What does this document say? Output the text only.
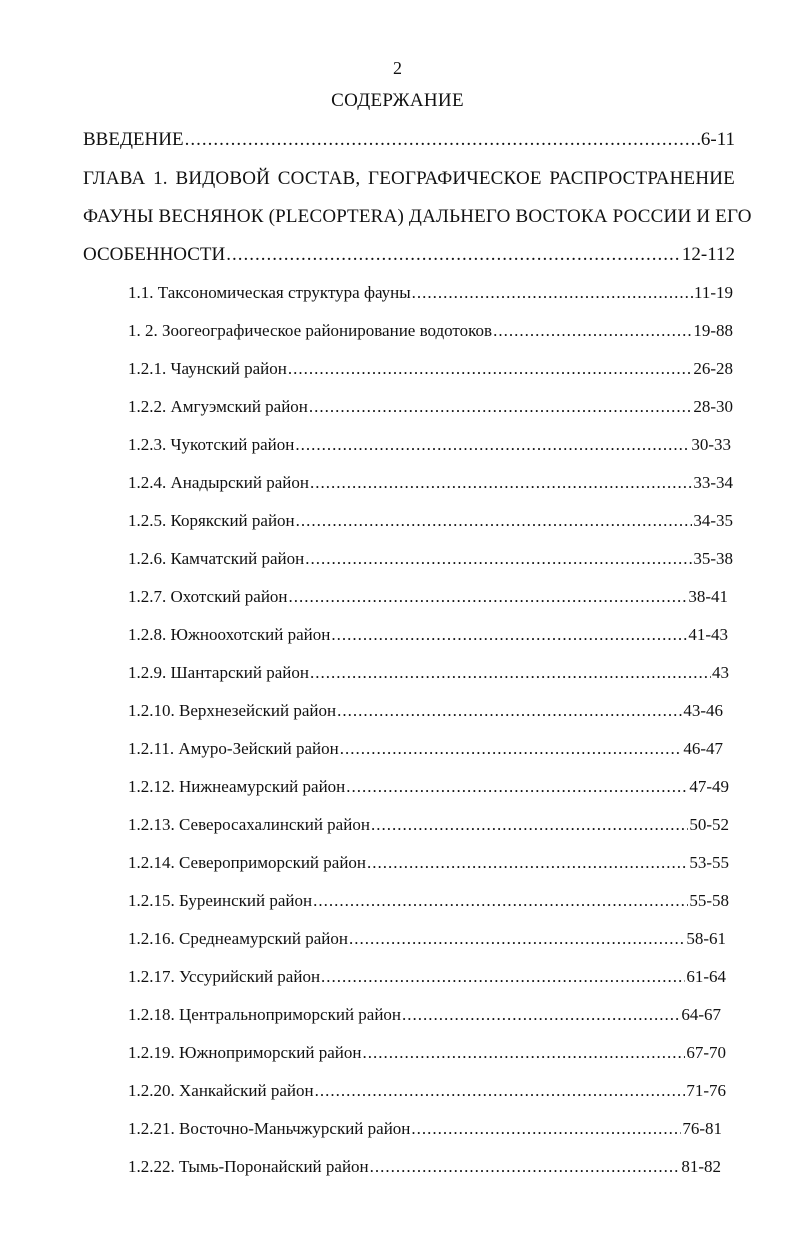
2
СОДЕРЖАНИЕ
ВВЕДЕНИЕ .....	6-11
ГЛАВА 1. ВИДОВОЙ СОСТАВ, ГЕОГРАФИЧЕСКОЕ РАСПРОСТРАНЕНИЕ
ФАУНЫ ВЕСНЯНОК (PLECOPTERA) ДАЛЬНЕГО ВОСТОКА РОССИИ И ЕГО
ОСОБЕННОСТИ .....	12-112
1.1. Таксономическая структура фауны .....	11-19
1. 2. Зоогеографическое районирование водотоков .....	19-88
1.2.1. Чаунский район .....	26-28
1.2.2. Амгуэмский район .....	28-30
1.2.3. Чукотский район .....	30-33
1.2.4. Анадырский район .....	33-34
1.2.5. Корякский район .....	34-35
1.2.6. Камчатский район .....	35-38
1.2.7. Охотский район .....	38-41
1.2.8. Южноохотский район .....	41-43
1.2.9. Шантарский район .....	43
1.2.10. Верхнезейский район .....	43-46
1.2.11. Амуро-Зейский район .....	46-47
1.2.12. Нижнеамурский район .....	47-49
1.2.13. Северосахалинский район .....	50-52
1.2.14. Североприморский район .....	53-55
1.2.15. Буреинский район .....	55-58
1.2.16. Среднеамурский район .....	58-61
1.2.17. Уссурийский район .....	61-64
1.2.18. Центральноприморский район .....	64-67
1.2.19. Южноприморский район .....	67-70
1.2.20. Ханкайский район .....	71-76
1.2.21. Восточно-Маньчжурский район .....	76-81
1.2.22. Тымь-Поронайский район .....	81-82
